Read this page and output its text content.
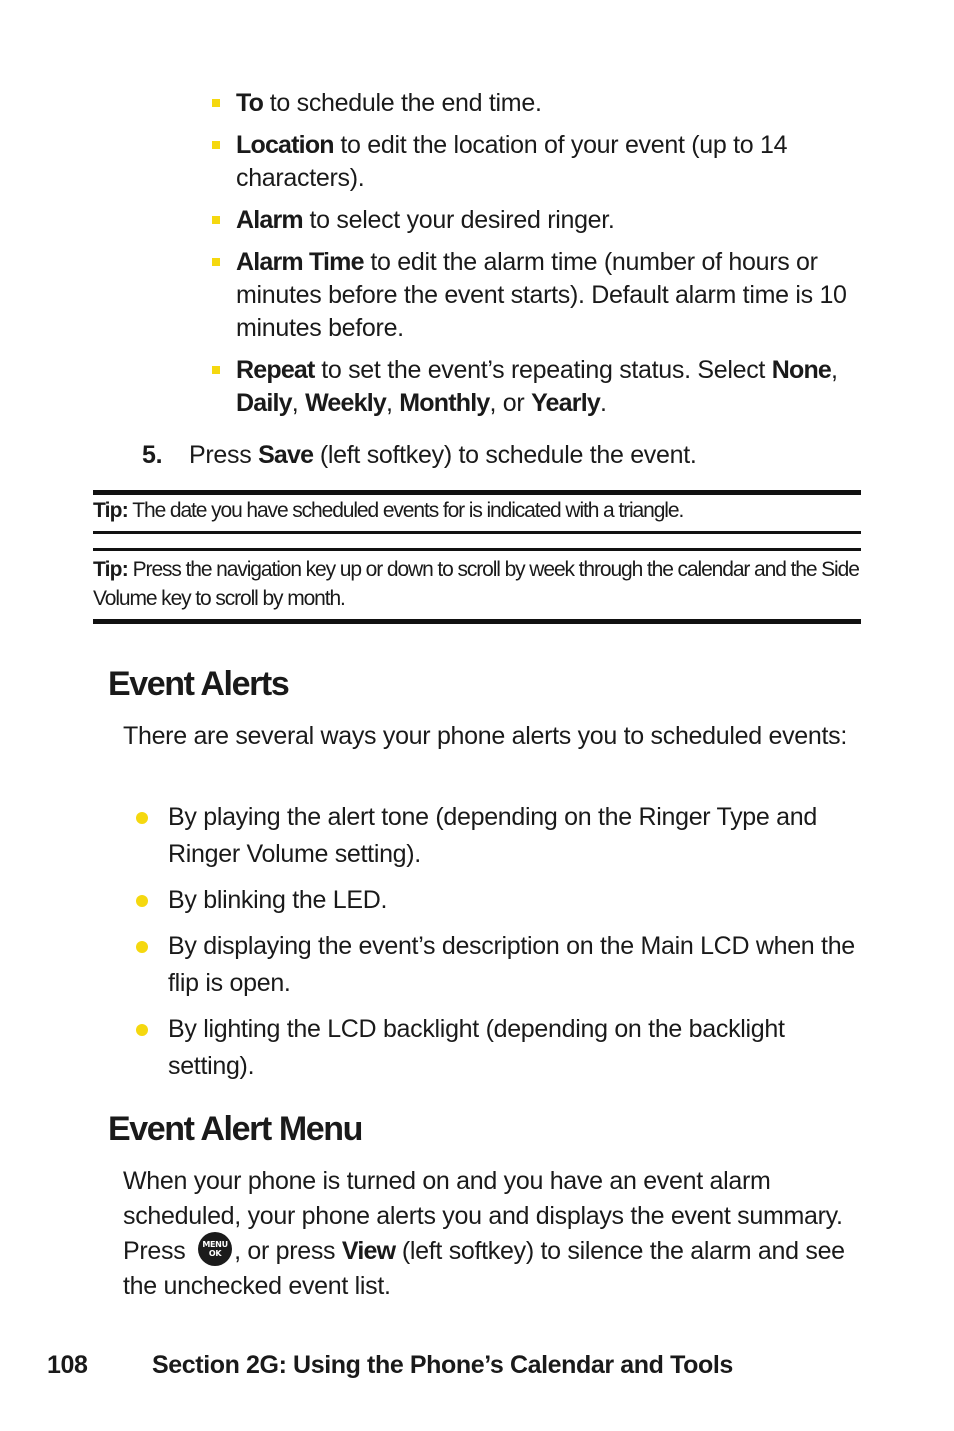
To to schedule the end time.
Location to edit the location of your event (up to 14 characters).
Alarm to select your desired ringer.
Alarm Time to edit the alarm time (number of hours or minutes before the event starts). Default alarm time is 10 minutes before.
Repeat to set the event’s repeating status. Select None, Daily, Weekly, Monthly, or Yearly.
5. Press Save (left softkey) to schedule the event.
Tip: The date you have scheduled events for is indicated with a triangle.
Tip: Press the navigation key up or down to scroll by week through the calendar and the Side Volume key to scroll by month.
Event Alerts
There are several ways your phone alerts you to scheduled events:
By playing the alert tone (depending on the Ringer Type and Ringer Volume setting).
By blinking the LED.
By displaying the event’s description on the Main LCD when the flip is open.
By lighting the LCD backlight (depending on the backlight setting).
Event Alert Menu
When your phone is turned on and you have an event alarm scheduled, your phone alerts you and displays the event summary. Press	MENU
OK , or press View (left softkey) to silence the alarm and see the unchecked event list.
108	Section 2G: Using the Phone’s Calendar and Tools
